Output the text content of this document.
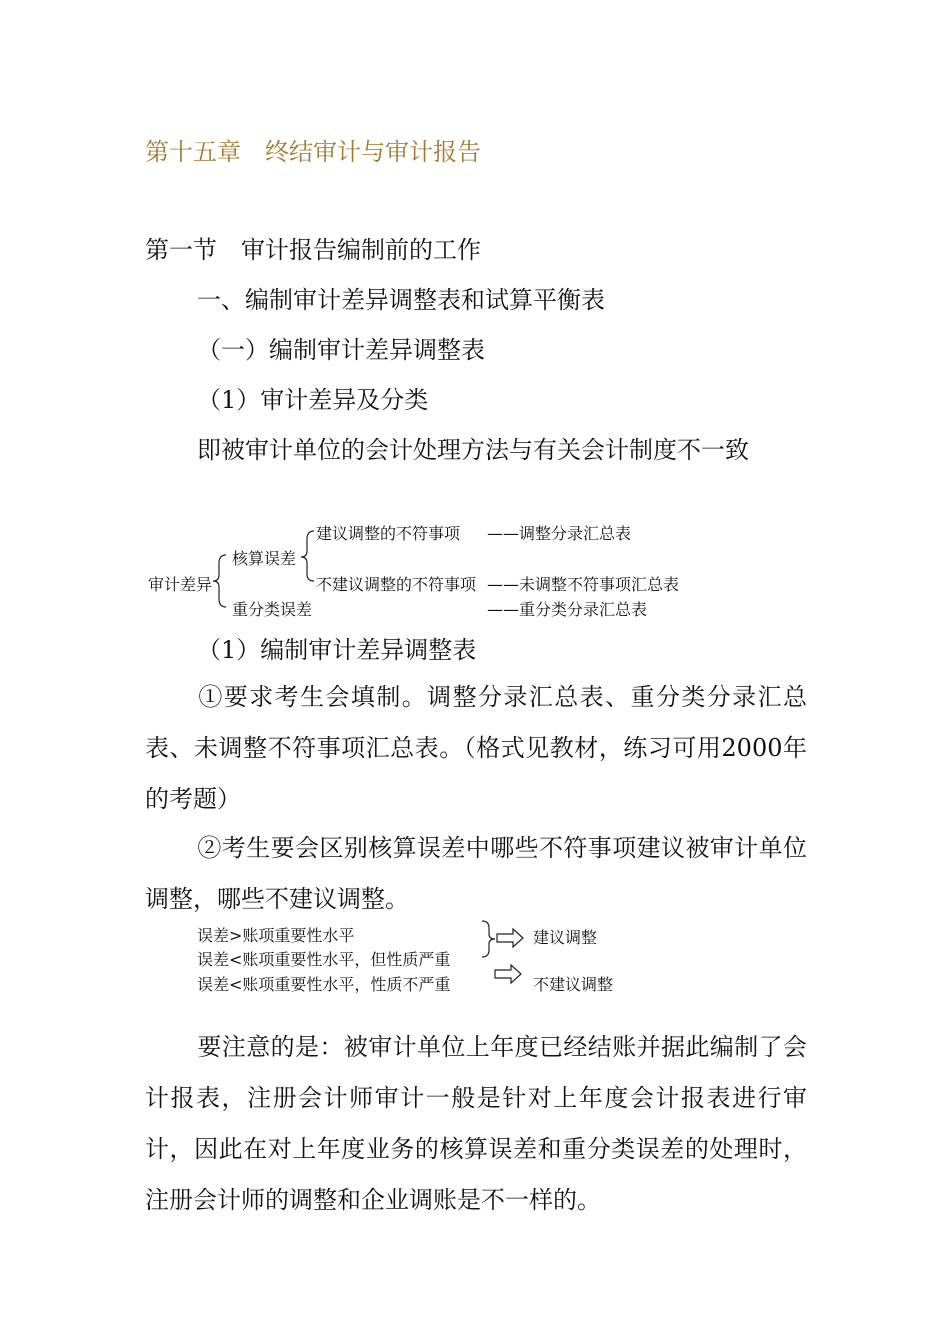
第十五章　终结审计与审计报告
第一节　审计报告编制前的工作
一、编制审计差异调整表和试算平衡表
（一）编制审计差异调整表
（1）审计差异及分类
即被审计单位的会计处理方法与有关会计制度不一致
审计差异
核算误差
重分类误差
建议调整的不符事项
不建议调整的不符事项
——调整分录汇总表
——未调整不符事项汇总表
——重分类分录汇总表
（1）编制审计差异调整表
①要求考生会填制。调整分录汇总表、重分类分录汇总表、未调整不符事项汇总表。（格式见教材，练习可用2000年的考题）
②考生要会区别核算误差中哪些不符事项建议被审计单位调整，哪些不建议调整。
误差>账项重要性水平
误差<账项重要性水平，但性质严重
误差<账项重要性水平，性质不严重
建议调整
不建议调整
要注意的是：被审计单位上年度已经结账并据此编制了会计报表，注册会计师审计一般是针对上年度会计报表进行审计，因此在对上年度业务的核算误差和重分类误差的处理时，注册会计师的调整和企业调账是不一样的。
